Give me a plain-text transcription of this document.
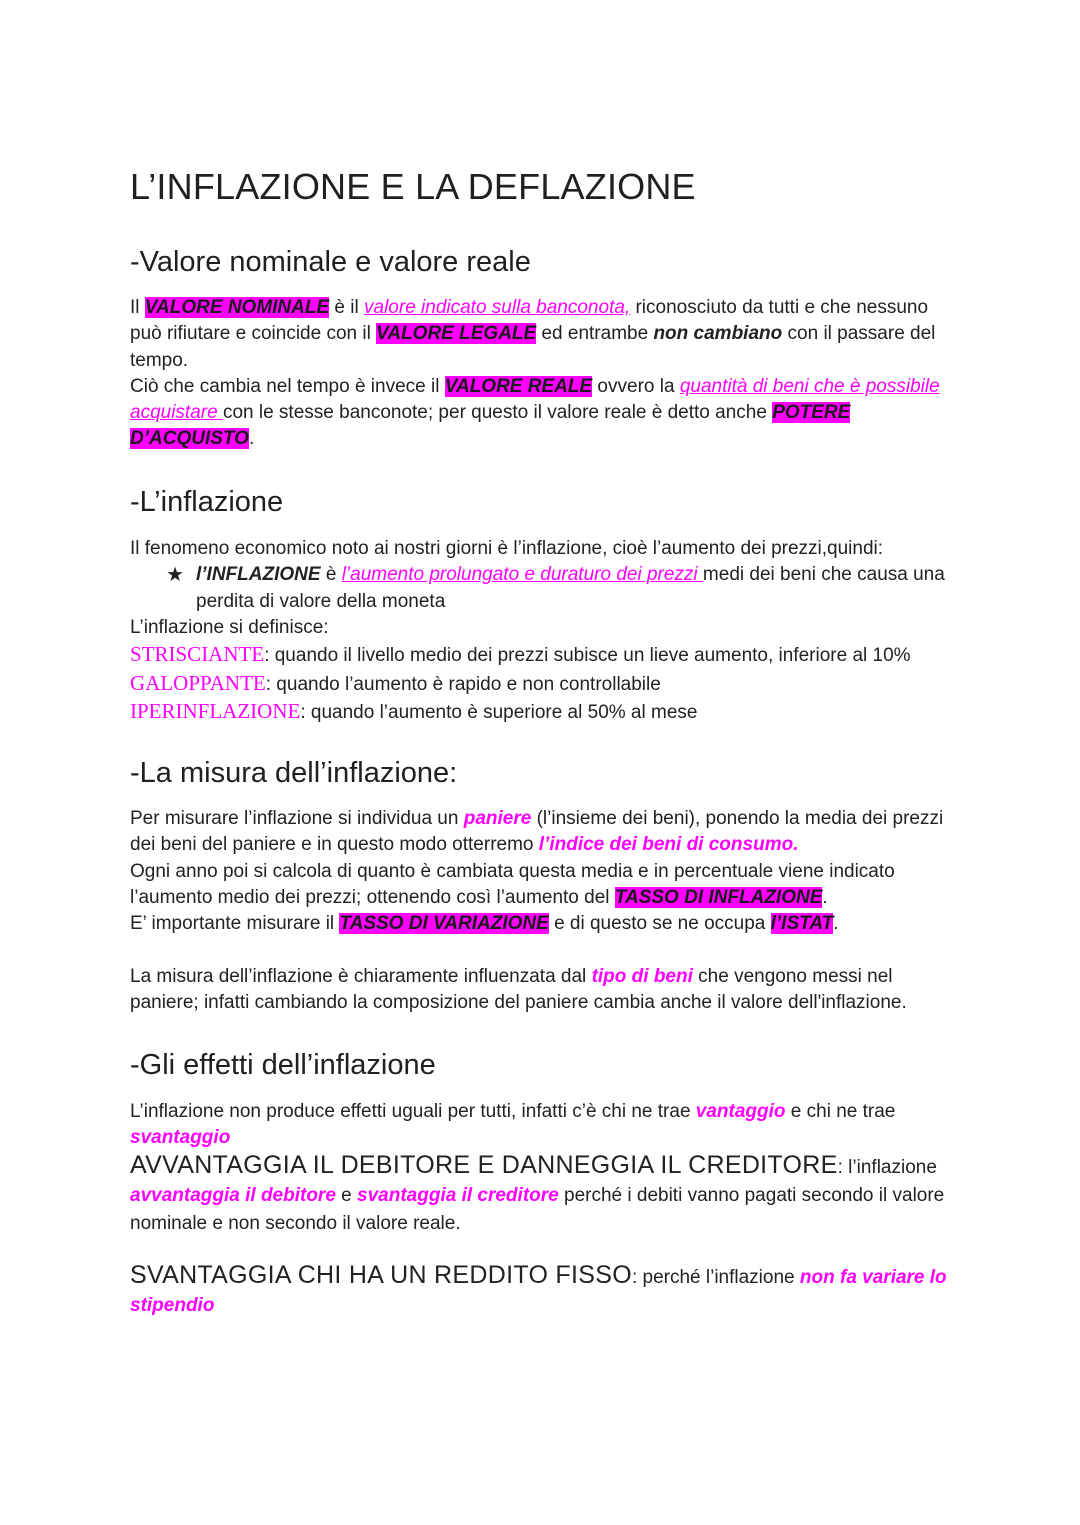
L’INFLAZIONE E LA DEFLAZIONE
-Valore nominale e valore reale

Il VALORE NOMINALE è il valore indicato sulla banconota, riconosciuto da tutti e che nessuno può rifiutare e coincide con il VALORE LEGALE ed entrambe non cambiano con il passare del tempo.
Ciò che cambia nel tempo è invece il VALORE REALE ovvero la quantità di beni che è possibile acquistare con le stesse banconote; per questo il valore reale è detto anche POTERE D’ACQUISTO.

-L’inflazione
Il fenomeno economico noto ai nostri giorni è l’inflazione, cioè l’aumento dei prezzi,quindi:
★ l’INFLAZIONE è l’aumento prolungato e duraturo dei prezzi medi dei beni che causa una perdita di valore della moneta
L’inflazione si definisce:
STRISCIANTE: quando il livello medio dei prezzi subisce un lieve aumento, inferiore al 10%
GALOPPANTE: quando l’aumento è rapido e non controllabile
IPERINFLAZIONE: quando l’aumento è superiore al 50% al mese
-La misura dell’inflazione:

Per misurare l’inflazione si individua un paniere (l’insieme dei beni), ponendo la media dei prezzi dei beni del paniere e in questo modo otterremo l’indice dei beni di consumo.
Ogni anno poi si calcola di quanto è cambiata questa media e in percentuale viene indicato l’aumento medio dei prezzi; ottenendo così l’aumento del TASSO DI INFLAZIONE.
E’ importante misurare il TASSO DI VARIAZIONE e di questo se ne occupa l’ISTAT.

La misura dell’inflazione è chiaramente influenzata dal tipo di beni che vengono messi nel paniere; infatti cambiando la composizione del paniere cambia anche il valore dell'inflazione.

-Gli effetti dell’inflazione

L’inflazione non produce effetti uguali per tutti, infatti c’è chi ne trae vantaggio e chi ne trae svantaggio

AVVANTAGGIA IL DEBITORE E DANNEGGIA IL CREDITORE: l’inflazione avvantaggia il debitore e svantaggia il creditore perché i debiti vanno pagati secondo il valore nominale e non secondo il valore reale.

SVANTAGGIA CHI HA UN REDDITO FISSO: perché l’inflazione non fa variare lo stipendio
